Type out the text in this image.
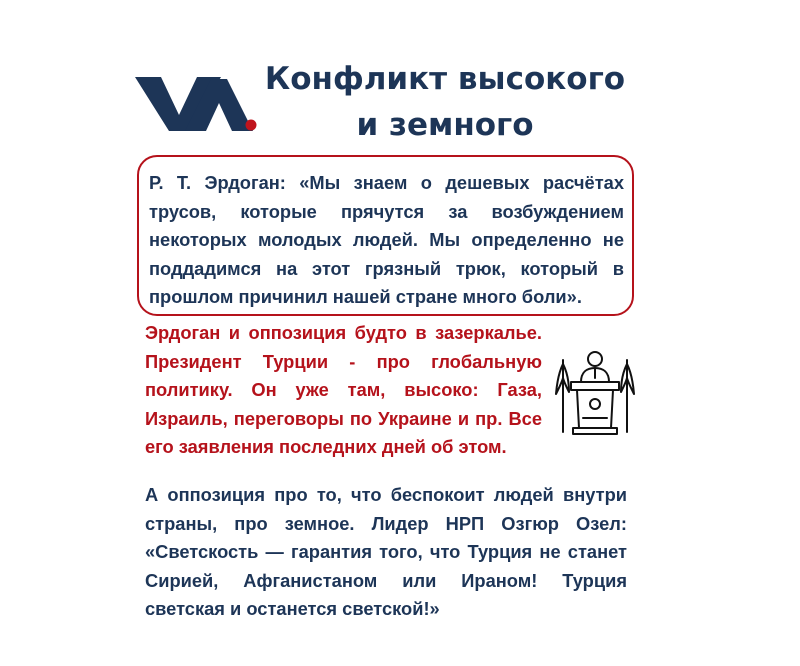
Конфликт высокого и земного

Р. Т. Эрдоган: «Мы знаем о дешевых расчётах трусов, которые прячутся за возбуждением некоторых молодых людей. Мы определенно не поддадимся на этот грязный трюк, который в прошлом причинил нашей стране много боли».

Эрдоган и оппозиция будто в зазеркалье. Президент Турции - про глобальную политику. Он уже там, высоко: Газа, Израиль, переговоры по Украине и пр. Все его заявления последних дней об этом.

А оппозиция про то, что беспокоит людей внутри страны, про земное. Лидер НРП Озгюр Озел: «Светскость — гарантия того, что Турция не станет Сирией, Афганистаном или Ираном! Турция светская и останется светской!»
